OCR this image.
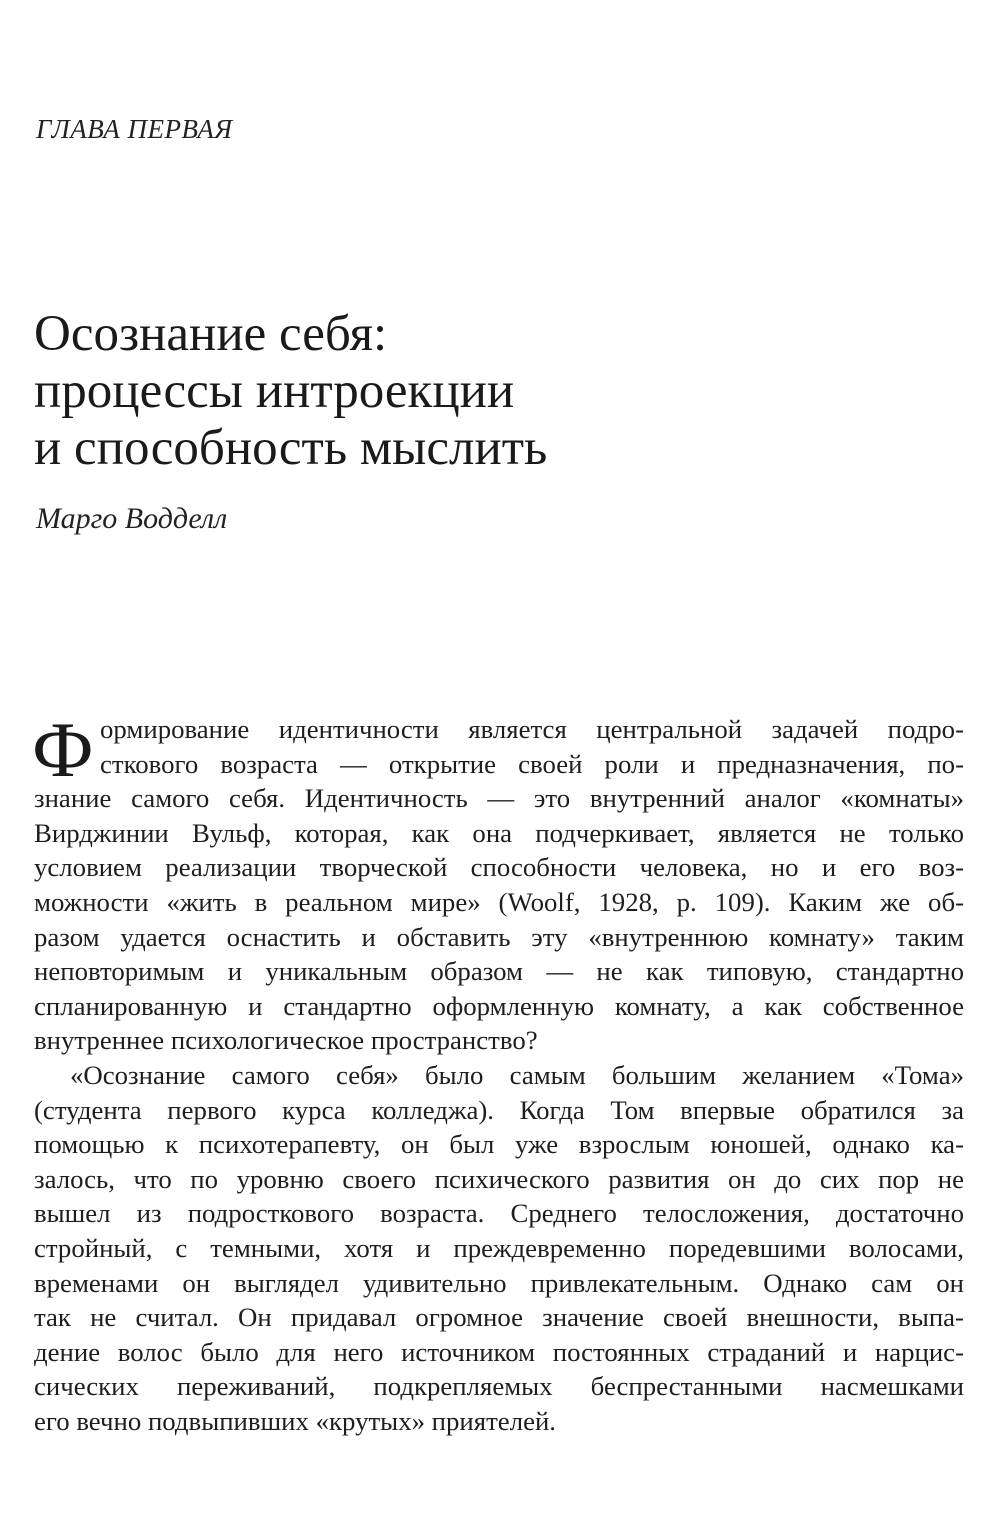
ГЛАВА ПЕРВАЯ
Осознание себя:
процессы интроекции
и способность мыслить
Марго Водделл
Ф ормирование идентичности является центральной задачей подро-
сткового возраста — открытие своей роли и предназначения, по-
знание самого себя. Идентичность — это внутренний аналог «комнаты»
Вирджинии Вульф, которая, как она подчеркивает, является не только
условием реализации творческой способности человека, но и его воз-
можности «жить в реальном мире» (Woolf, 1928, p. 109). Каким же об-
разом удается оснастить и обставить эту «внутреннюю комнату» таким
неповторимым и уникальным образом — не как типовую, стандартно
спланированную и стандартно оформленную комнату, а как собственное
внутреннее психологическое пространство?
«Осознание самого себя» было самым большим желанием «Тома»
(студента первого курса колледжа). Когда Том впервые обратился за
помощью к психотерапевту, он был уже взрослым юношей, однако ка-
залось, что по уровню своего психического развития он до сих пор не
вышел из подросткового возраста. Среднего телосложения, достаточно
стройный, с темными, хотя и преждевременно поредевшими волосами,
временами он выглядел удивительно привлекательным. Однако сам он
так не считал. Он придавал огромное значение своей внешности, выпа-
дение волос было для него источником постоянных страданий и нарцис-
сических переживаний, подкрепляемых беспрестанными насмешками
его вечно подвыпивших «крутых» приятелей.
